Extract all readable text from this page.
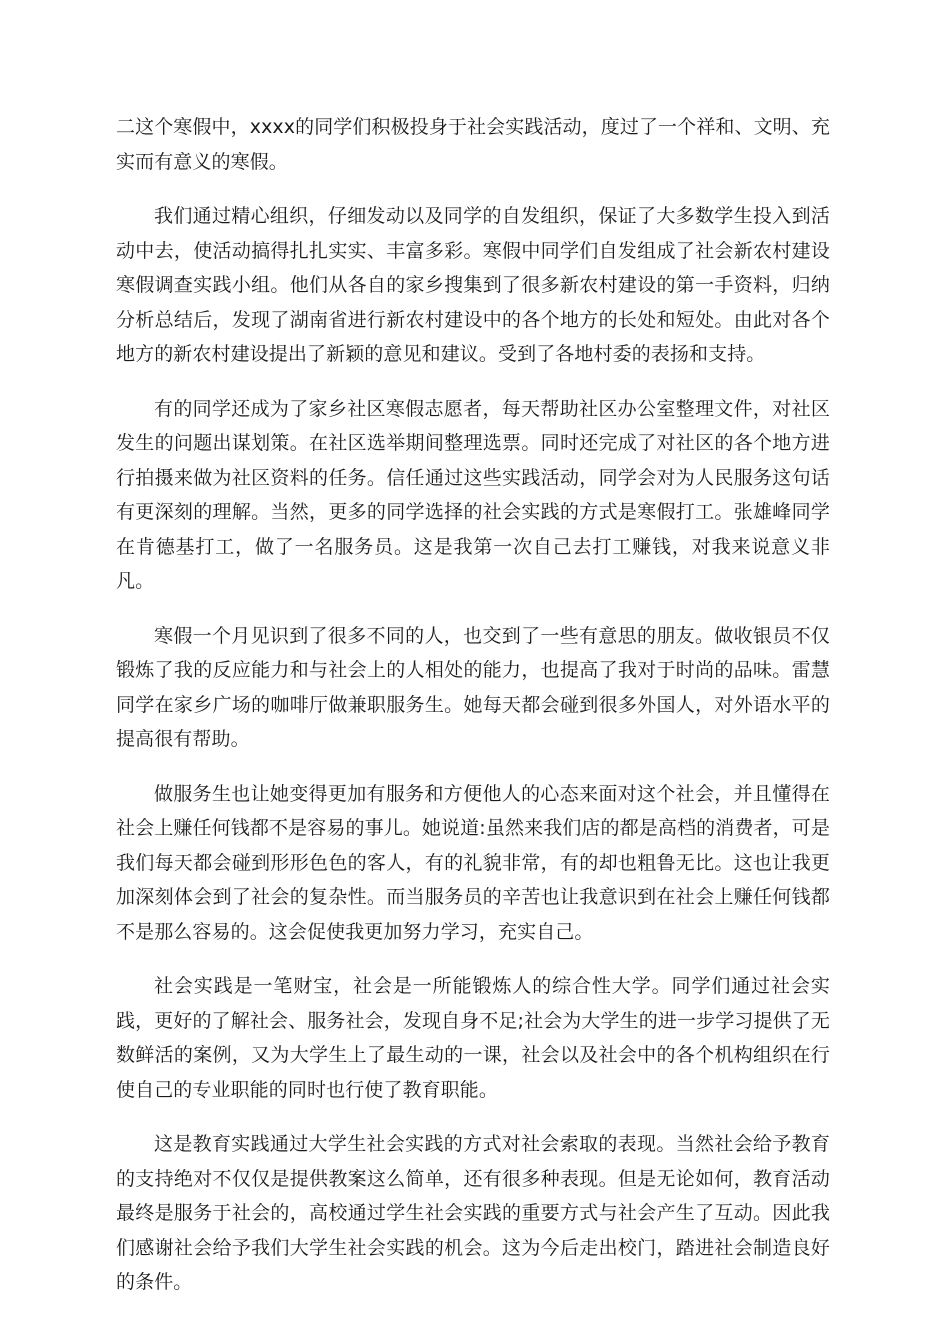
二这个寒假中，xxxx的同学们积极投身于社会实践活动，度过了一个祥和、文明、充实而有意义的寒假。

我们通过精心组织，仔细发动以及同学的自发组织，保证了大多数学生投入到活动中去，使活动搞得扎扎实实、丰富多彩。寒假中同学们自发组成了社会新农村建设寒假调查实践小组。他们从各自的家乡搜集到了很多新农村建设的第一手资料，归纳分析总结后，发现了湖南省进行新农村建设中的各个地方的长处和短处。由此对各个地方的新农村建设提出了新颖的意见和建议。受到了各地村委的表扬和支持。

有的同学还成为了家乡社区寒假志愿者，每天帮助社区办公室整理文件，对社区发生的问题出谋划策。在社区选举期间整理选票。同时还完成了对社区的各个地方进行拍摄来做为社区资料的任务。信任通过这些实践活动，同学会对为人民服务这句话有更深刻的理解。当然，更多的同学选择的社会实践的方式是寒假打工。张雄峰同学在肯德基打工，做了一名服务员。这是我第一次自己去打工赚钱，对我来说意义非凡。

寒假一个月见识到了很多不同的人，也交到了一些有意思的朋友。做收银员不仅锻炼了我的反应能力和与社会上的人相处的能力，也提高了我对于时尚的品味。雷慧同学在家乡广场的咖啡厅做兼职服务生。她每天都会碰到很多外国人，对外语水平的提高很有帮助。

做服务生也让她变得更加有服务和方便他人的心态来面对这个社会，并且懂得在社会上赚任何钱都不是容易的事儿。她说道:虽然来我们店的都是高档的消费者，可是我们每天都会碰到形形色色的客人，有的礼貌非常，有的却也粗鲁无比。这也让我更加深刻体会到了社会的复杂性。而当服务员的辛苦也让我意识到在社会上赚任何钱都不是那么容易的。这会促使我更加努力学习，充实自己。

社会实践是一笔财宝，社会是一所能锻炼人的综合性大学。同学们通过社会实践，更好的了解社会、服务社会，发现自身不足;社会为大学生的进一步学习提供了无数鲜活的案例，又为大学生上了最生动的一课，社会以及社会中的各个机构组织在行使自己的专业职能的同时也行使了教育职能。

这是教育实践通过大学生社会实践的方式对社会索取的表现。当然社会给予教育的支持绝对不仅仅是提供教案这么简单，还有很多种表现。但是无论如何，教育活动最终是服务于社会的，高校通过学生社会实践的重要方式与社会产生了互动。因此我们感谢社会给予我们大学生社会实践的机会。这为今后走出校门，踏进社会制造良好的条件。
